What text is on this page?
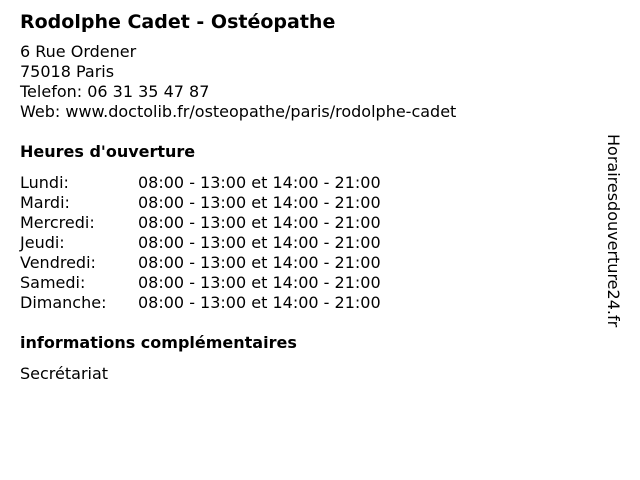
Rodolphe Cadet - Ostéopathe
6 Rue Ordener
75018 Paris
Telefon: 06 31 35 47 87
Web: www.doctolib.fr/osteopathe/paris/rodolphe-cadet
Heures d'ouverture
Lundi:	08:00 - 13:00 et 14:00 - 21:00
Mardi:	08:00 - 13:00 et 14:00 - 21:00
Mercredi:	08:00 - 13:00 et 14:00 - 21:00
Jeudi:	08:00 - 13:00 et 14:00 - 21:00
Vendredi:	08:00 - 13:00 et 14:00 - 21:00
Samedi:	08:00 - 13:00 et 14:00 - 21:00
Dimanche:	08:00 - 13:00 et 14:00 - 21:00
informations complémentaires
Secrétariat
Horairesdouverture24.fr
